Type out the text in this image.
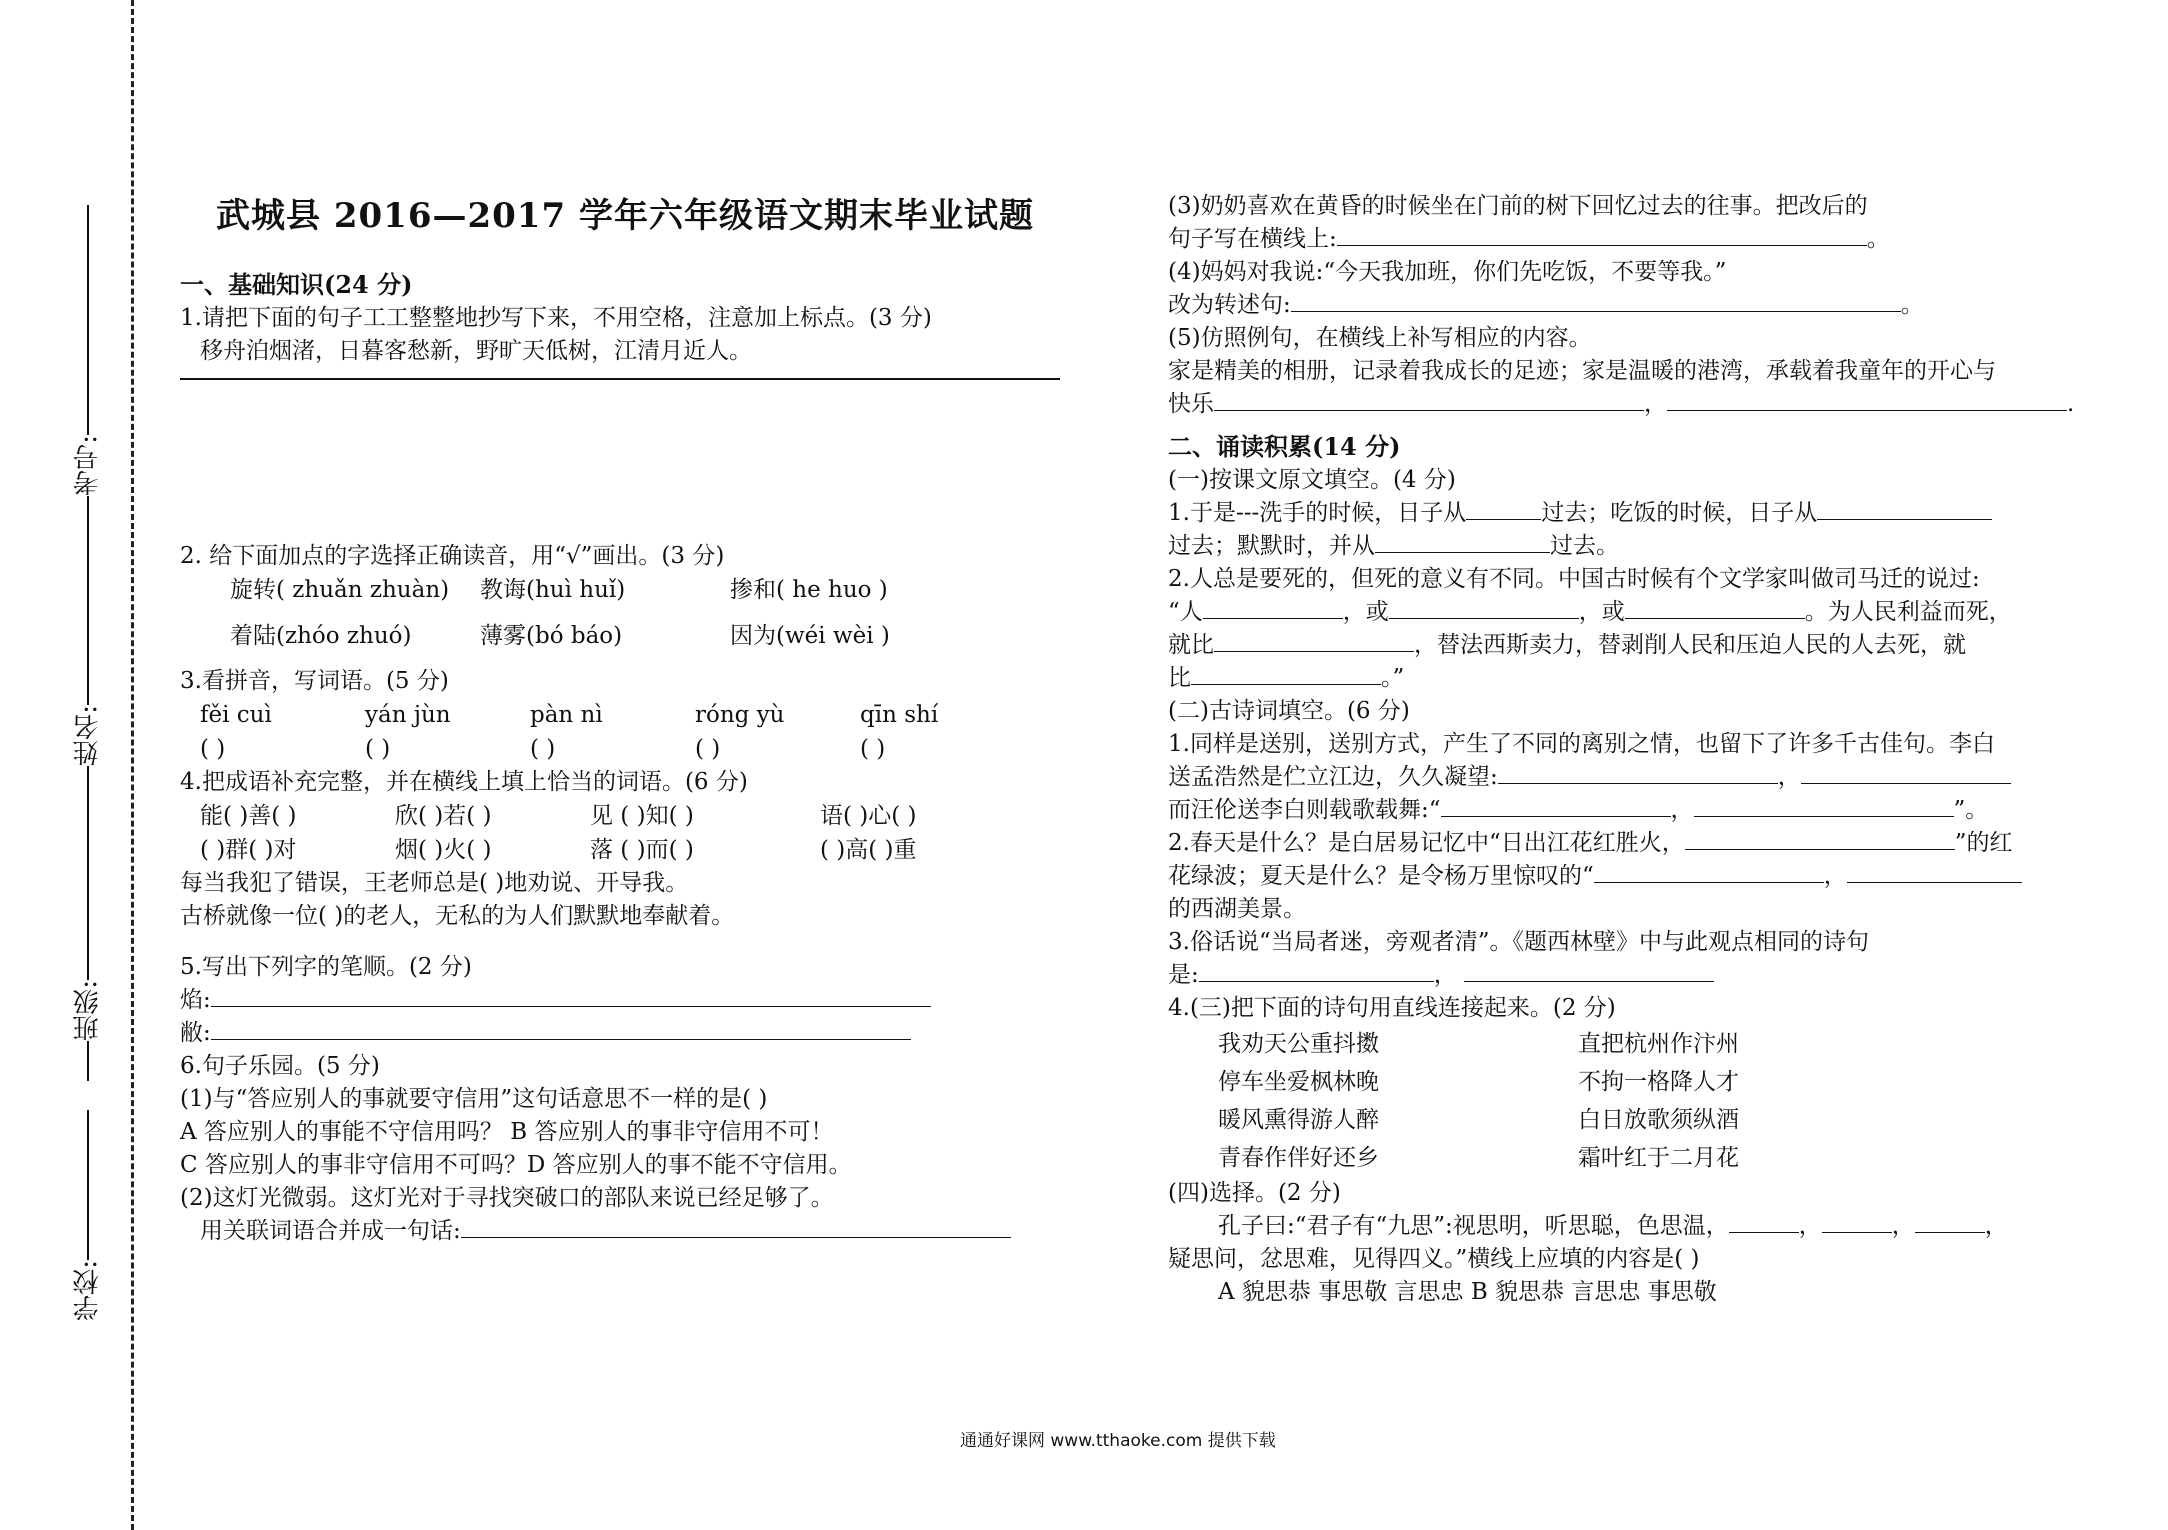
考号:
姓名:
班级:
学校:
武城县 2016—2017 学年六年级语文期末毕业试题
一、基础知识(24 分)
1.请把下面的句子工工整整地抄写下来，不用空格，注意加上标点。(3 分)
移舟泊烟渚，日暮客愁新，野旷天低树，江清月近人。
2. 给下面加点的字选择正确读音，用“√”画出。(3 分)
旋转( zhuǎn zhuàn)	教诲(huì huǐ)	掺和( he huo )
着陆(zhóo zhuó)	薄雾(bó báo)	因为(wéi wèi )
3.看拼音，写词语。(5 分)
fěi cuì	yán jùn	pàn nì	róng yù	qīn shí
( )	( )	( )	( )	( )
4.把成语补充完整，并在横线上填上恰当的词语。(6 分)
能( )善( )	欣( )若( )	见 ( )知( )	语( )心( )
( )群( )对	烟( )火( )	落 ( )而( )	( )高( )重
每当我犯了错误，王老师总是( )地劝说、开导我。
古桥就像一位( )的老人，无私的为人们默默地奉献着。
5.写出下列字的笔顺。(2 分)
焰:
敝:
6.句子乐园。(5 分)
(1)与“答应别人的事就要守信用”这句话意思不一样的是( )
A 答应别人的事能不守信用吗？ B 答应别人的事非守信用不可！
C 答应别人的事非守信用不可吗？D 答应别人的事不能不守信用。
(2)这灯光微弱。这灯光对于寻找突破口的部队来说已经足够了。
用关联词语合并成一句话:
(3)奶奶喜欢在黄昏的时候坐在门前的树下回忆过去的往事。把改后的
句子写在横线上:	。
(4)妈妈对我说:“今天我加班，你们先吃饭，不要等我。”
改为转述句:	。
(5)仿照例句，在横线上补写相应的内容。
家是精美的相册，记录着我成长的足迹；家是温暖的港湾，承载着我童年的开心与
快乐	，	.
二、诵读积累(14 分)
(一)按课文原文填空。(4 分)
1.于是---洗手的时候，日子从	过去；吃饭的时候，日子从
过去；默默时，并从	过去。
2.人总是要死的，但死的意义有不同。中国古时候有个文学家叫做司马迁的说过:
“人	，或	，或	。为人民利益而死，
就比	，替法西斯卖力，替剥削人民和压迫人民的人去死，就
比	。”
(二)古诗词填空。(6 分)
1.同样是送别，送别方式，产生了不同的离别之情，也留下了许多千古佳句。李白
送孟浩然是伫立江边，久久凝望:	，
而汪伦送李白则载歌载舞:“	，	”。
2.春天是什么？是白居易记忆中“日出江花红胜火，	”的红
花绿波；夏天是什么？是令杨万里惊叹的“	，
的西湖美景。
3.俗话说“当局者迷，旁观者清”。《题西林壁》中与此观点相同的诗句
是:	，
4.(三)把下面的诗句用直线连接起来。(2 分)
我劝天公重抖擞	直把杭州作汴州
停车坐爱枫林晚	不拘一格降人才
暖风熏得游人醉	白日放歌须纵酒
青春作伴好还乡	霜叶红于二月花
(四)选择。(2 分)
孔子曰:“君子有“九思”:视思明，听思聪，色思温，	，	，	，
疑思问，忿思难，见得四义。”横线上应填的内容是( )
A 貌思恭 事思敬 言思忠 B 貌思恭 言思忠 事思敬
通通好课网 www.tthaoke.com 提供下载
